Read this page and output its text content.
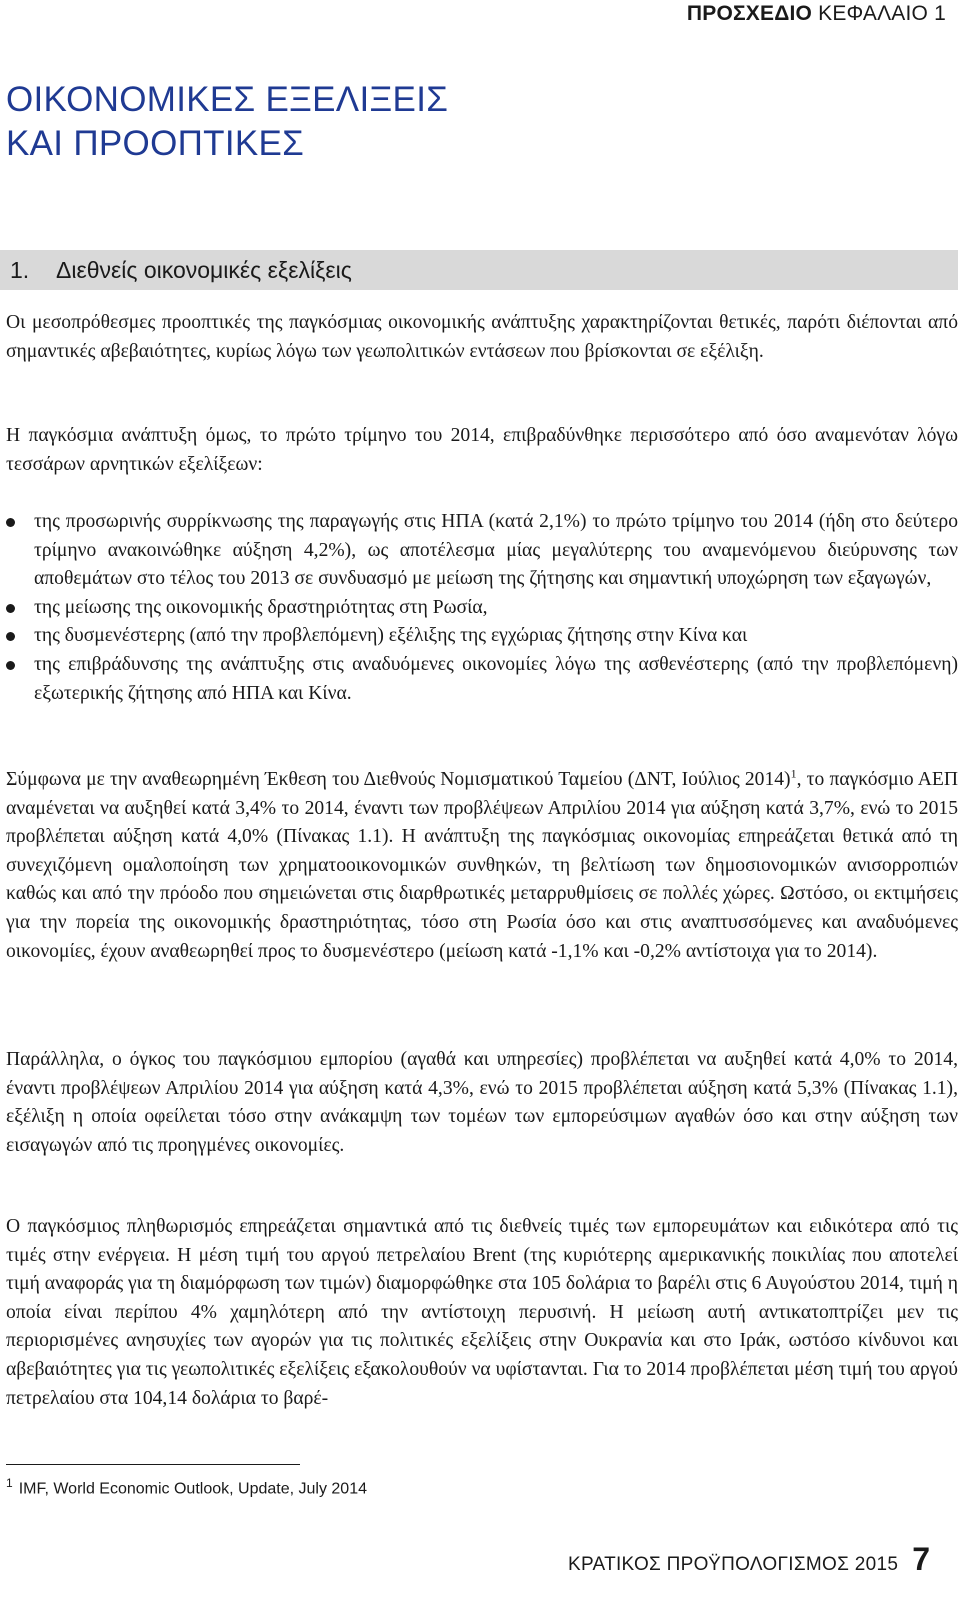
ΠΡΟΣΧΕΔΙΟ ΚΕΦΑΛΑΙΟ 1
ΟΙΚΟΝΟΜΙΚΕΣ ΕΞΕΛΙΞΕΙΣ
ΚΑΙ ΠΡΟΟΠΤΙΚΕΣ
1. Διεθνείς οικονομικές εξελίξεις

Οι μεσοπρόθεσμες προοπτικές της παγκόσμιας οικονομικής ανάπτυξης χαρακτηρίζονται θετικές, παρότι διέπονται από σημαντικές αβεβαιότητες, κυρίως λόγω των γεωπολιτικών εντάσεων που βρίσκονται σε εξέλιξη.

Η παγκόσμια ανάπτυξη όμως, το πρώτο τρίμηνο του 2014, επιβραδύνθηκε περισσότερο από όσο αναμενόταν λόγω τεσσάρων αρνητικών εξελίξεων:

της προσωρινής συρρίκνωσης της παραγωγής στις ΗΠΑ (κατά 2,1%) το πρώτο τρίμηνο του 2014 (ήδη στο δεύτερο τρίμηνο ανακοινώθηκε αύξηση 4,2%), ως αποτέλεσμα μίας μεγαλύτερης του αναμενόμενου διεύρυνσης των αποθεμάτων στο τέλος του 2013 σε συνδυασμό με μείωση της ζήτησης και σημαντική υποχώρηση των εξαγωγών,
της μείωσης της οικονομικής δραστηριότητας στη Ρωσία,
της δυσμενέστερης (από την προβλεπόμενη) εξέλιξης της εγχώριας ζήτησης στην Κίνα και
της επιβράδυνσης της ανάπτυξης στις αναδυόμενες οικονομίες λόγω της ασθενέστερης (από την προβλεπόμενη) εξωτερικής ζήτησης από ΗΠΑ και Κίνα.

Σύμφωνα με την αναθεωρημένη Έκθεση του Διεθνούς Νομισματικού Ταμείου (ΔΝΤ, Ιούλιος 2014)$^1$, το παγκόσμιο ΑΕΠ αναμένεται να αυξηθεί κατά 3,4% το 2014, έναντι των προβλέψεων Απριλίου 2014 για αύξηση κατά 3,7%, ενώ το 2015 προβλέπεται αύξηση κατά 4,0% (Πίνακας 1.1). Η ανάπτυξη της παγκόσμιας οικονομίας επηρεάζεται θετικά από τη συνεχιζόμενη ομαλοποίηση των χρηματοοικονομικών συνθηκών, τη βελτίωση των δημοσιονομικών ανισορροπιών καθώς και από την πρόοδο που σημειώνεται στις διαρθρωτικές μεταρρυθμίσεις σε πολλές χώρες. Ωστόσο, οι εκτιμήσεις για την πορεία της οικονομικής δραστηριότητας, τόσο στη Ρωσία όσο και στις αναπτυσσόμενες και αναδυόμενες οικονομίες, έχουν αναθεωρηθεί προς το δυσμενέστερο (μείωση κατά -1,1% και -0,2% αντίστοιχα για το 2014).

Παράλληλα, ο όγκος του παγκόσμιου εμπορίου (αγαθά και υπηρεσίες) προβλέπεται να αυξηθεί κατά 4,0% το 2014, έναντι προβλέψεων Απριλίου 2014 για αύξηση κατά 4,3%, ενώ το 2015 προβλέπεται αύξηση κατά 5,3% (Πίνακας 1.1), εξέλιξη η οποία οφείλεται τόσο στην ανάκαμψη των τομέων των εμπορεύσιμων αγαθών όσο και στην αύξηση των εισαγωγών από τις προηγμένες οικονομίες.

Ο παγκόσμιος πληθωρισμός επηρεάζεται σημαντικά από τις διεθνείς τιμές των εμπορευμάτων και ειδικότερα από τις τιμές στην ενέργεια. Η μέση τιμή του αργού πετρελαίου Brent (της κυριότερης αμερικανικής ποικιλίας που αποτελεί τιμή αναφοράς για τη διαμόρφωση των τιμών) διαμορφώθηκε στα 105 δολάρια το βαρέλι στις 6 Αυγούστου 2014, τιμή η οποία είναι περίπου 4% χαμηλότερη από την αντίστοιχη περυσινή. Η μείωση αυτή αντικατοπτρίζει μεν τις περιορισμένες ανησυχίες των αγορών για τις πολιτικές εξελίξεις στην Ουκρανία και στο Ιράκ, ωστόσο κίνδυνοι και αβεβαιότητες για τις γεωπολιτικές εξελίξεις εξακολουθούν να υφίστανται. Για το 2014 προβλέπεται μέση τιμή του αργού πετρελαίου στα 104,14 δολάρια το βαρέ-

$^1$ IMF, World Economic Outlook, Update, July 2014
ΚΡΑΤΙΚΟΣ ΠΡΟΫΠΟΛΟΓΙΣΜΟΣ 2015 7
